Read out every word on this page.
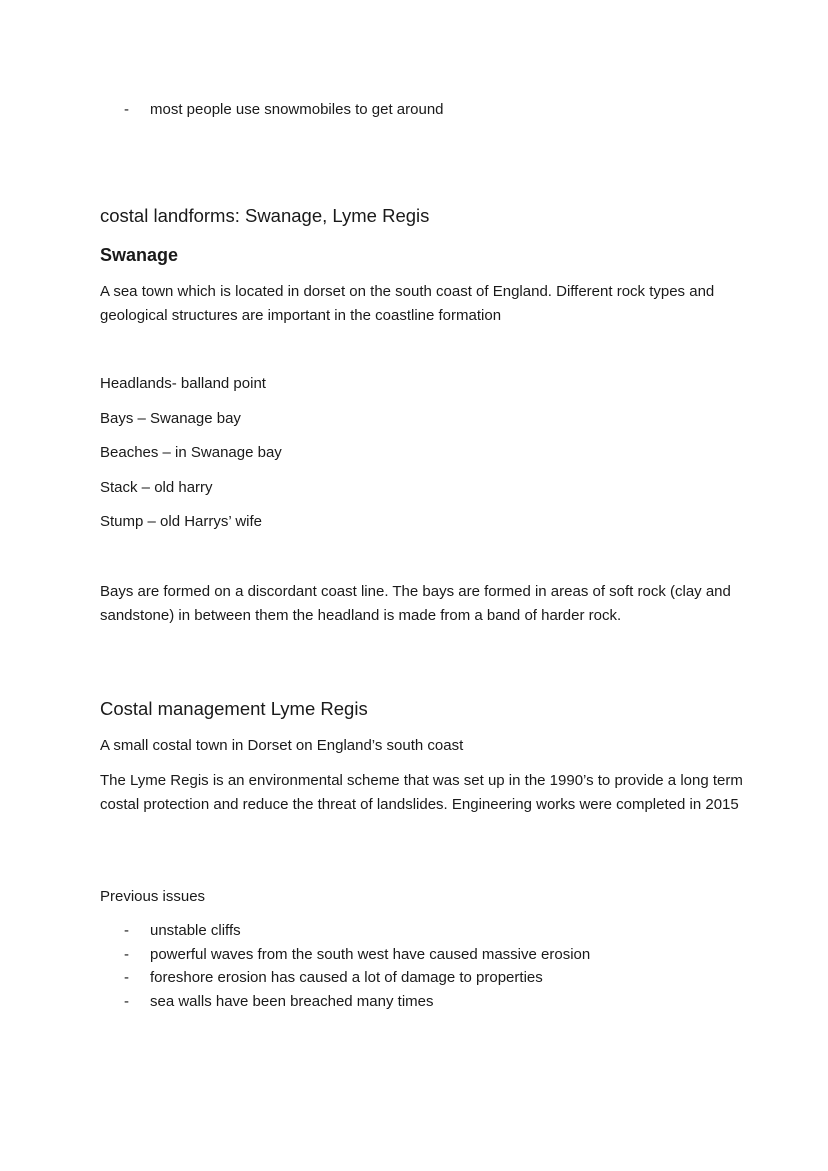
- most people use snowmobiles to get around
costal landforms: Swanage, Lyme Regis
Swanage

A sea town which is located in dorset on the south coast of England. Different rock types and geological structures are important in the coastline formation

Headlands- balland point

Bays – Swanage bay

Beaches – in Swanage bay

Stack – old harry

Stump – old Harrys’ wife

Bays are formed on a discordant coast line. The bays are formed in areas of soft rock (clay and sandstone) in between them the headland is made from a band of harder rock.

Costal management Lyme Regis

A small costal town in Dorset on England’s south coast

The Lyme Regis is an environmental scheme that was set up in the 1990’s to provide a long term costal protection and reduce the threat of landslides. Engineering works were completed in 2015

Previous issues

- unstable cliffs
- powerful waves from the south west have caused massive erosion
- foreshore erosion has caused a lot of damage to properties
- sea walls have been breached many times
